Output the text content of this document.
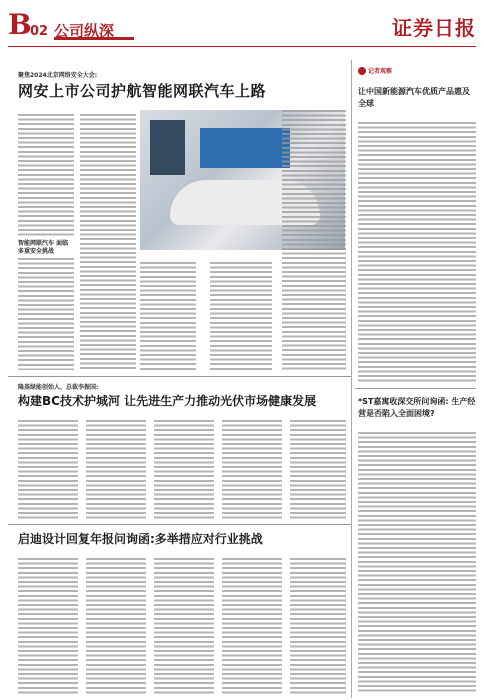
B
02 公司纵深	证券日报
聚焦2024北京网络安全大会:
网安上市公司护航智能网联汽车上路
智能网联汽车 面临多重安全挑战
记者观察
让中国新能源汽车优质产品惠及全球
*ST嘉寓收深交所问询函: 生产经营是否陷入全面困境?
隆基绿能创始人、总裁李振国:
构建BC技术护城河 让先进生产力推动光伏市场健康发展
启迪设计回复年报问询函:多举措应对行业挑战
